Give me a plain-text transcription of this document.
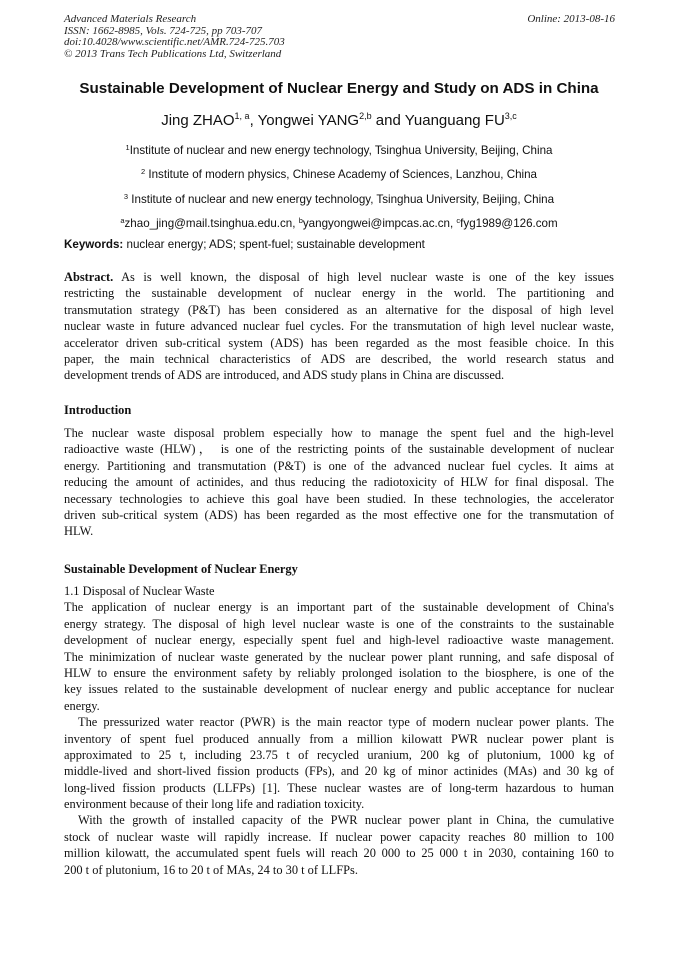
Advanced Materials Research
ISSN: 1662-8985, Vols. 724-725, pp 703-707
doi:10.4028/www.scientific.net/AMR.724-725.703
© 2013 Trans Tech Publications Ltd, Switzerland
Online: 2013-08-16
Sustainable Development of Nuclear Energy and Study on ADS in China
Jing ZHAO$^{1, a}$, Yongwei YANG$^{2,b}$ and Yuanguang FU$^{3,c}$
$^1$Institute of nuclear and new energy technology, Tsinghua University, Beijing, China
$^2$ Institute of modern physics, Chinese Academy of Sciences, Lanzhou, China
$^3$ Institute of nuclear and new energy technology, Tsinghua University, Beijing, China
$^a$zhao_jing@mail.tsinghua.edu.cn, $^b$yangyongwei@impcas.ac.cn, $^c$fyg1989@126.com
Keywords: nuclear energy; ADS; spent-fuel; sustainable development
Abstract. As is well known, the disposal of high level nuclear waste is one of the key issues
restricting the sustainable development of nuclear energy in the world. The partitioning and
transmutation strategy (P&T) has been considered as an alternative for the disposal of high level
nuclear waste in future advanced nuclear fuel cycles. For the transmutation of high level nuclear waste,
accelerator driven sub-critical system (ADS) has been regarded as the most feasible choice. In this
paper, the main technical characteristics of ADS are described, the world research status and
development trends of ADS are introduced, and ADS study plans in China are discussed.
Introduction
The nuclear waste disposal problem especially how to manage the spent fuel and the high-level
radioactive waste (HLW)， is one of the restricting points of the sustainable development of nuclear
energy. Partitioning and transmutation (P&T) is one of the advanced nuclear fuel cycles. It aims at
reducing the amount of actinides, and thus reducing the radiotoxicity of HLW for final disposal. The
necessary technologies to achieve this goal have been studied. In these technologies, the accelerator
driven sub-critical system (ADS) has been regarded as the most effective one for the transmutation of
HLW.
Sustainable Development of Nuclear Energy
1.1 Disposal of Nuclear Waste
The application of nuclear energy is an important part of the sustainable development of China's
energy strategy. The disposal of high level nuclear waste is one of the constraints to the sustainable
development of nuclear energy, especially spent fuel and high-level radioactive waste management.
The minimization of nuclear waste generated by the nuclear power plant running, and safe disposal of
HLW to ensure the environment safety by reliably prolonged isolation to the biosphere, is one of the
key issues related to the sustainable development of nuclear energy and public acceptance for nuclear
energy.
The pressurized water reactor (PWR) is the main reactor type of modern nuclear power plants. The
inventory of spent fuel produced annually from a million kilowatt PWR nuclear power plant is
approximated to 25 t, including 23.75 t of recycled uranium, 200 kg of plutonium, 1000 kg of
middle-lived and short-lived fission products (FPs), and 20 kg of minor actinides (MAs) and 30 kg of
long-lived fission products (LLFPs) [1]. These nuclear wastes are of long-term hazardous to human
environment because of their long life and radiation toxicity.
With the growth of installed capacity of the PWR nuclear power plant in China, the cumulative
stock of nuclear waste will rapidly increase. If nuclear power capacity reaches 80 million to 100
million kilowatt, the accumulated spent fuels will reach 20 000 to 25 000 t in 2030, containing 160 to
200 t of plutonium, 16 to 20 t of MAs, 24 to 30 t of LLFPs.
